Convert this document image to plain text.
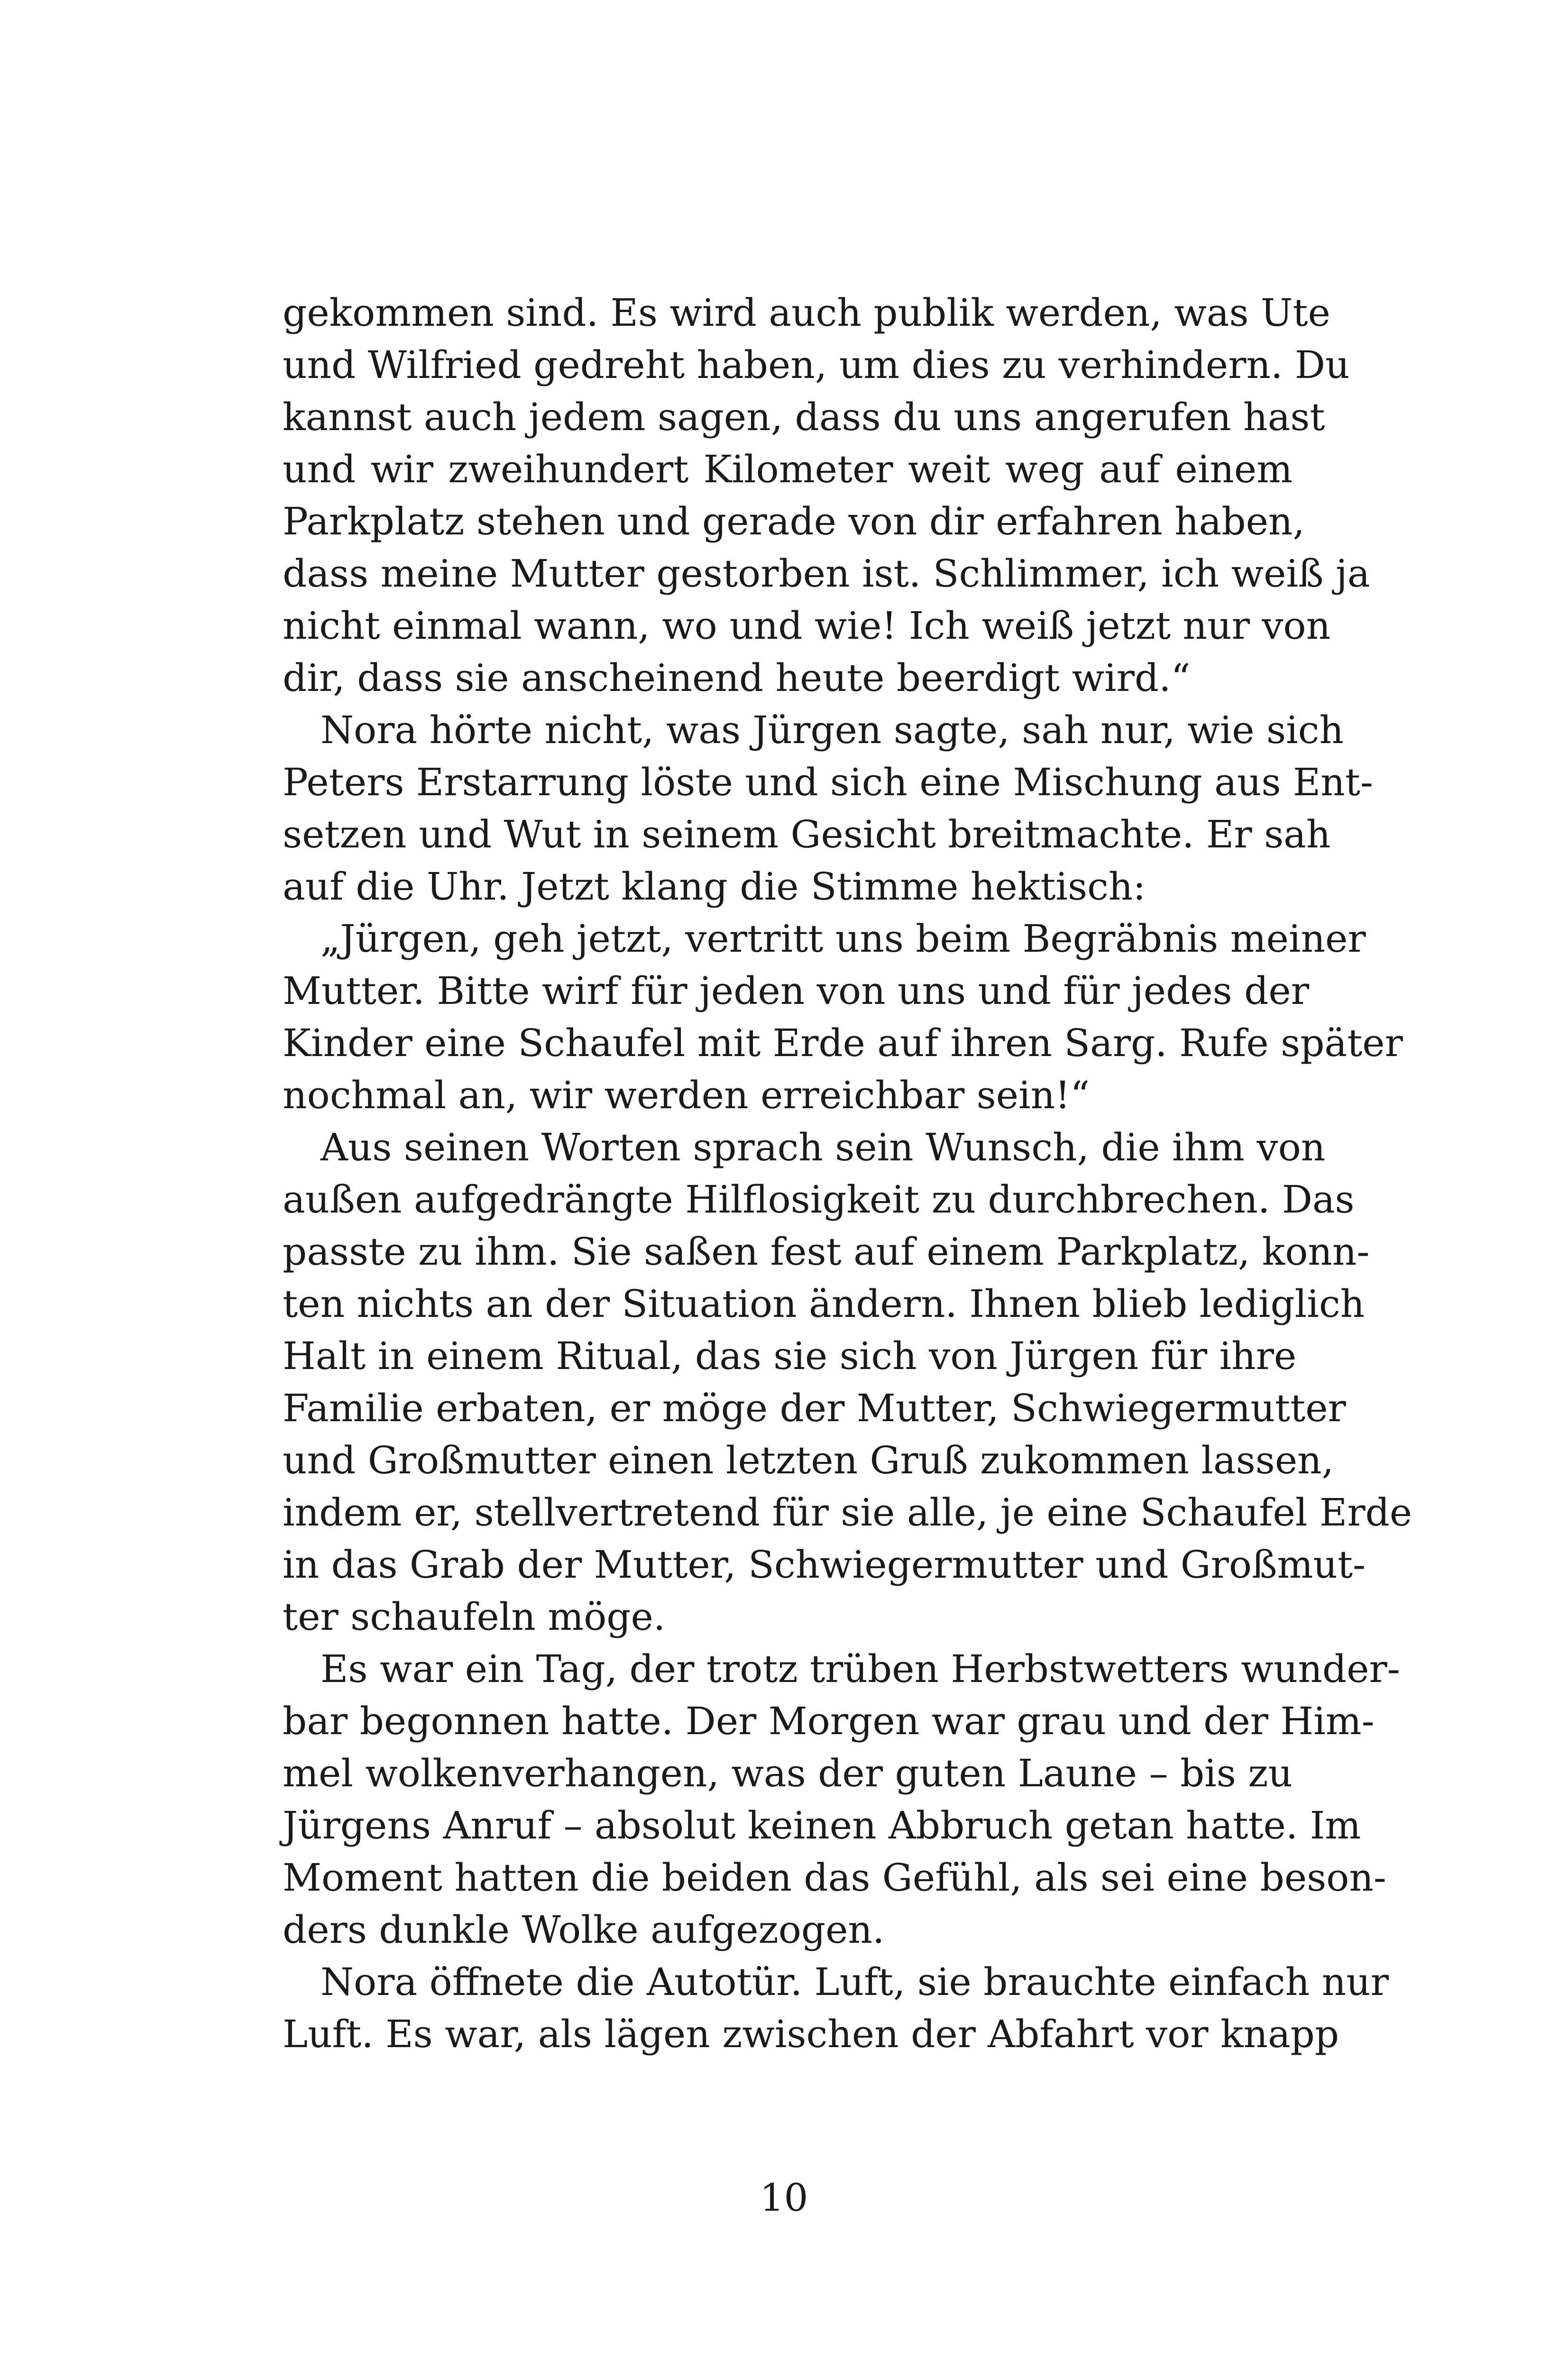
gekommen sind. Es wird auch publik werden, was Ute
und Wilfried gedreht haben, um dies zu verhindern. Du
kannst auch jedem sagen, dass du uns angerufen hast
und wir zweihundert Kilometer weit weg auf einem
Parkplatz stehen und gerade von dir erfahren haben,
dass meine Mutter gestorben ist. Schlimmer, ich weiß ja
nicht einmal wann, wo und wie! Ich weiß jetzt nur von
dir, dass sie anscheinend heute beerdigt wird.“
Nora hörte nicht, was Jürgen sagte, sah nur, wie sich
Peters Erstarrung löste und sich eine Mischung aus Ent-
setzen und Wut in seinem Gesicht breitmachte. Er sah
auf die Uhr. Jetzt klang die Stimme hektisch:
„Jürgen, geh jetzt, vertritt uns beim Begräbnis meiner
Mutter. Bitte wirf für jeden von uns und für jedes der
Kinder eine Schaufel mit Erde auf ihren Sarg. Rufe später
nochmal an, wir werden erreichbar sein!“
Aus seinen Worten sprach sein Wunsch, die ihm von
außen aufgedrängte Hilflosigkeit zu durchbrechen. Das
passte zu ihm. Sie saßen fest auf einem Parkplatz, konn-
ten nichts an der Situation ändern. Ihnen blieb lediglich
Halt in einem Ritual, das sie sich von Jürgen für ihre
Familie erbaten, er möge der Mutter, Schwiegermutter
und Großmutter einen letzten Gruß zukommen lassen,
indem er, stellvertretend für sie alle, je eine Schaufel Erde
in das Grab der Mutter, Schwiegermutter und Großmut-
ter schaufeln möge.
Es war ein Tag, der trotz trüben Herbstwetters wunder-
bar begonnen hatte. Der Morgen war grau und der Him-
mel wolkenverhangen, was der guten Laune – bis zu
Jürgens Anruf – absolut keinen Abbruch getan hatte. Im
Moment hatten die beiden das Gefühl, als sei eine beson-
ders dunkle Wolke aufgezogen.
Nora öffnete die Autotür. Luft, sie brauchte einfach nur
Luft. Es war, als lägen zwischen der Abfahrt vor knapp
10
